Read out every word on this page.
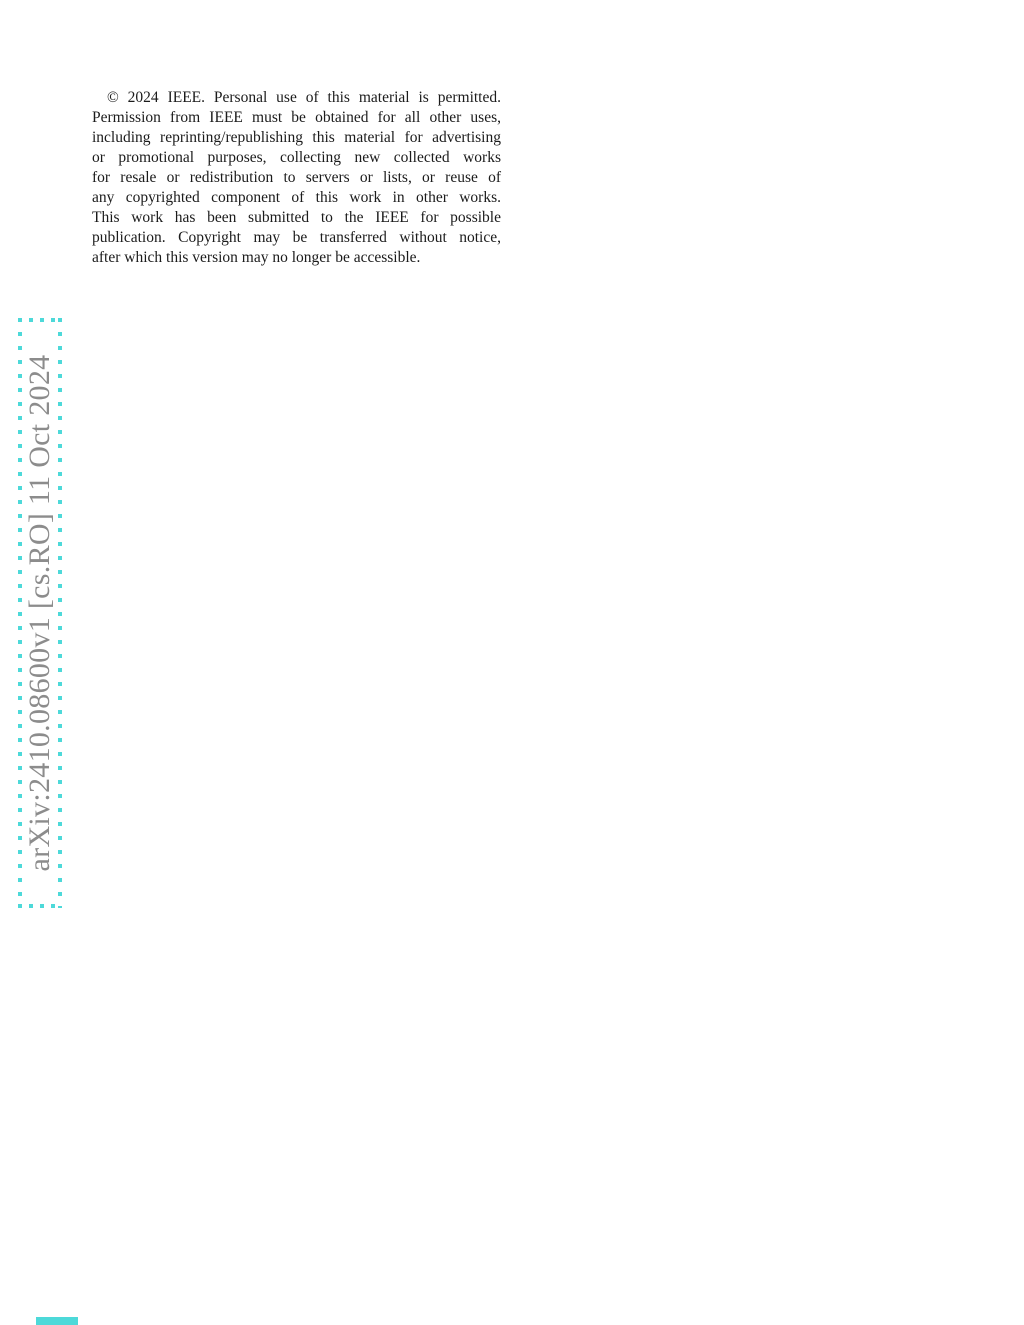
© 2024 IEEE. Personal use of this material is permitted.
Permission from IEEE must be obtained for all other uses,
including reprinting/republishing this material for advertising
or promotional purposes, collecting new collected works
for resale or redistribution to servers or lists, or reuse of
any copyrighted component of this work in other works.
This work has been submitted to the IEEE for possible
publication. Copyright may be transferred without notice,
after which this version may no longer be accessible.
arXiv:2410.08600v1 [cs.RO] 11 Oct 2024
